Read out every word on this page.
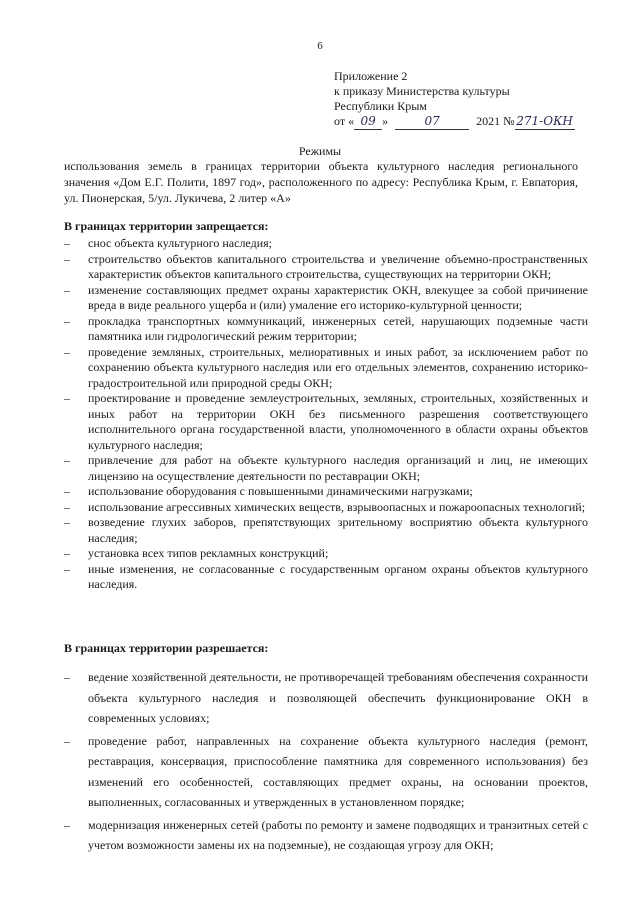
6
Приложение 2
к приказу Министерства культуры
Республики Крым
от « 09 »	07	2021 № 271-ОКН
Режимы
использования земель в границах территории объекта культурного наследия регионального значения «Дом Е.Г. Полити, 1897 год», расположенного по адресу: Республика Крым, г. Евпатория, ул. Пионерская, 5/ул. Лукичева, 2 литер «А»
В границах территории запрещается:
– снос объекта культурного наследия;
– строительство объектов капитального строительства и увеличение объемно-пространственных характеристик объектов капитального строительства, существующих на территории ОКН;
– изменение составляющих предмет охраны характеристик ОКН, влекущее за собой причинение вреда в виде реального ущерба и (или) умаление его историко-культурной ценности;
– прокладка транспортных коммуникаций, инженерных сетей, нарушающих подземные части памятника или гидрологический режим территории;
– проведение земляных, строительных, мелиоративных и иных работ, за исключением работ по сохранению объекта культурного наследия или его отдельных элементов, сохранению историко-градостроительной или природной среды ОКН;
– проектирование и проведение землеустроительных, земляных, строительных, хозяйственных и иных работ на территории ОКН без письменного разрешения соответствующего исполнительного органа государственной власти, уполномоченного в области охраны объектов культурного наследия;
– привлечение для работ на объекте культурного наследия организаций и лиц, не имеющих лицензию на осуществление деятельности по реставрации ОКН;
– использование оборудования с повышенными динамическими нагрузками;
– использование агрессивных химических веществ, взрывоопасных и пожароопасных технологий;
– возведение глухих заборов, препятствующих зрительному восприятию объекта культурного наследия;
– установка всех типов рекламных конструкций;
– иные изменения, не согласованные с государственным органом охраны объектов культурного наследия.
В границах территории разрешается:
– ведение хозяйственной деятельности, не противоречащей требованиям обеспечения сохранности объекта культурного наследия и позволяющей обеспечить функционирование ОКН в современных условиях;
– проведение работ, направленных на сохранение объекта культурного наследия (ремонт, реставрация, консервация, приспособление памятника для современного использования) без изменений его особенностей, составляющих предмет охраны, на основании проектов, выполненных, согласованных и утвержденных в установленном порядке;
– модернизация инженерных сетей (работы по ремонту и замене подводящих и транзитных сетей с учетом возможности замены их на подземные), не создающая угрозу для ОКН;
